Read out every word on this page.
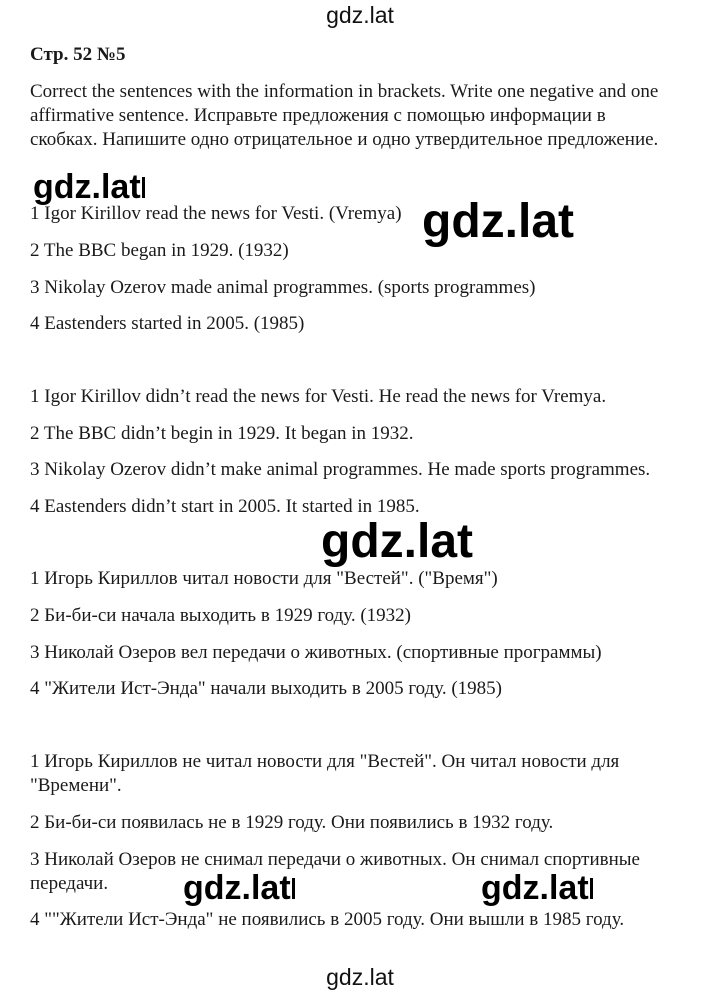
gdz.lat
Стр. 52 №5
Correct the sentences with the information in brackets. Write one negative and one
affirmative sentence. Исправьте предложения с помощью информации в
скобках. Напишите одно отрицательное и одно утвердительное предложение.
1 Igor Kirillov read the news for Vesti. (Vremya)
2 The BBC began in 1929. (1932)
3 Nikolay Ozerov made animal programmes. (sports programmes)
4 Eastenders started in 2005. (1985)
1 Igor Kirillov didn’t read the news for Vesti. He read the news for Vremya.
2 The BBC didn’t begin in 1929. It began in 1932.
3 Nikolay Ozerov didn’t make animal programmes. He made sports programmes.
4 Eastenders didn’t start in 2005. It started in 1985.
1 Игорь Кириллов читал новости для "Вестей". ("Время")
2 Би-би-си начала выходить в 1929 году. (1932)
3 Николай Озеров вел передачи о животных. (спортивные программы)
4 "Жители Ист-Энда" начали выходить в 2005 году. (1985)
1 Игорь Кириллов не читал новости для "Вестей". Он читал новости для
"Времени".
2 Би-би-си появилась не в 1929 году. Они появились в 1932 году.
3 Николай Озеров не снимал передачи о животных. Он снимал спортивные
передачи.
4 ""Жители Ист-Энда" не появились в 2005 году. Они вышли в 1985 году.
gdz.lat
gdz.lat
gdz.lat
gdz.lat	gdz.lat
gdz.lat
